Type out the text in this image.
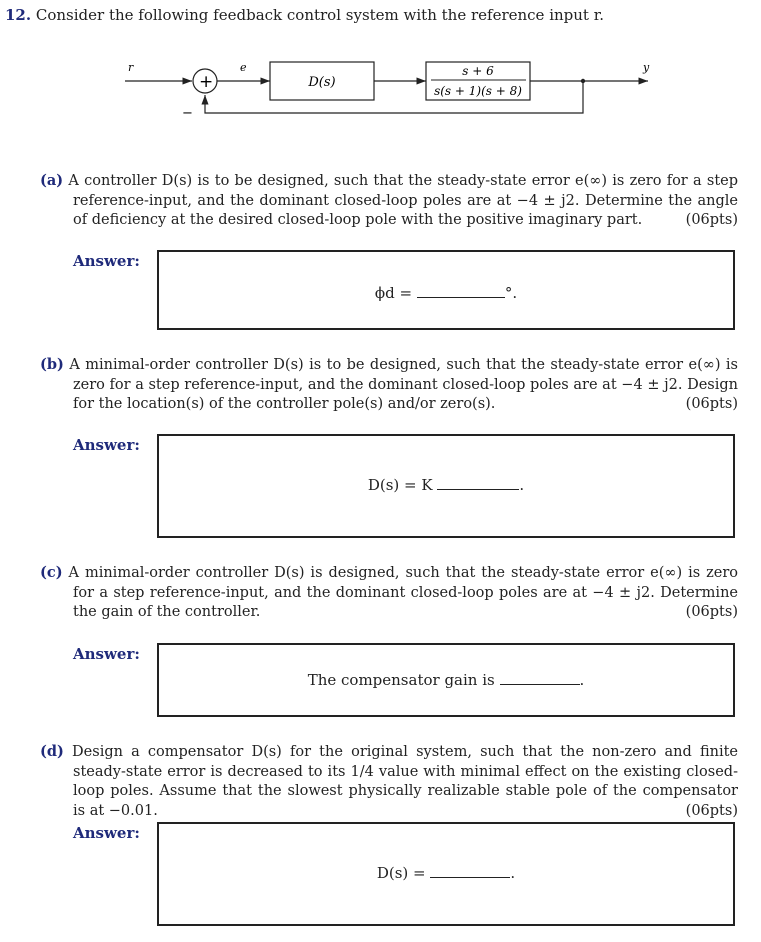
12. Consider the following feedback control system with the reference input r.
r
+
−
e
D(s)
s + 6
s(s + 1)(s + 8)
y
(a) A controller D(s) is to be designed, such that the steady-state error e(∞) is zero for a step reference-input, and the dominant closed-loop poles are at −4 ± j2. Determine the angle of deficiency at the desired closed-loop pole with the positive imaginary part.	(06pts)
Answer:
ϕd =	°.
(b) A minimal-order controller D(s) is to be designed, such that the steady-state error e(∞) is zero for a step reference-input, and the dominant closed-loop poles are at −4 ± j2. Design for the location(s) of the controller pole(s) and/or zero(s).	(06pts)
Answer:
D(s) = K	.
(c) A minimal-order controller D(s) is designed, such that the steady-state error e(∞) is zero for a step reference-input, and the dominant closed-loop poles are at −4 ± j2. Determine the gain of the controller.	(06pts)
Answer:
The compensator gain is	.
(d) Design a compensator D(s) for the original system, such that the non-zero and finite steady-state error is decreased to its 1/4 value with minimal effect on the existing closed-loop poles. Assume that the slowest physically realizable stable pole of the compensator is at −0.01.	(06pts)
Answer:
D(s) =	.
